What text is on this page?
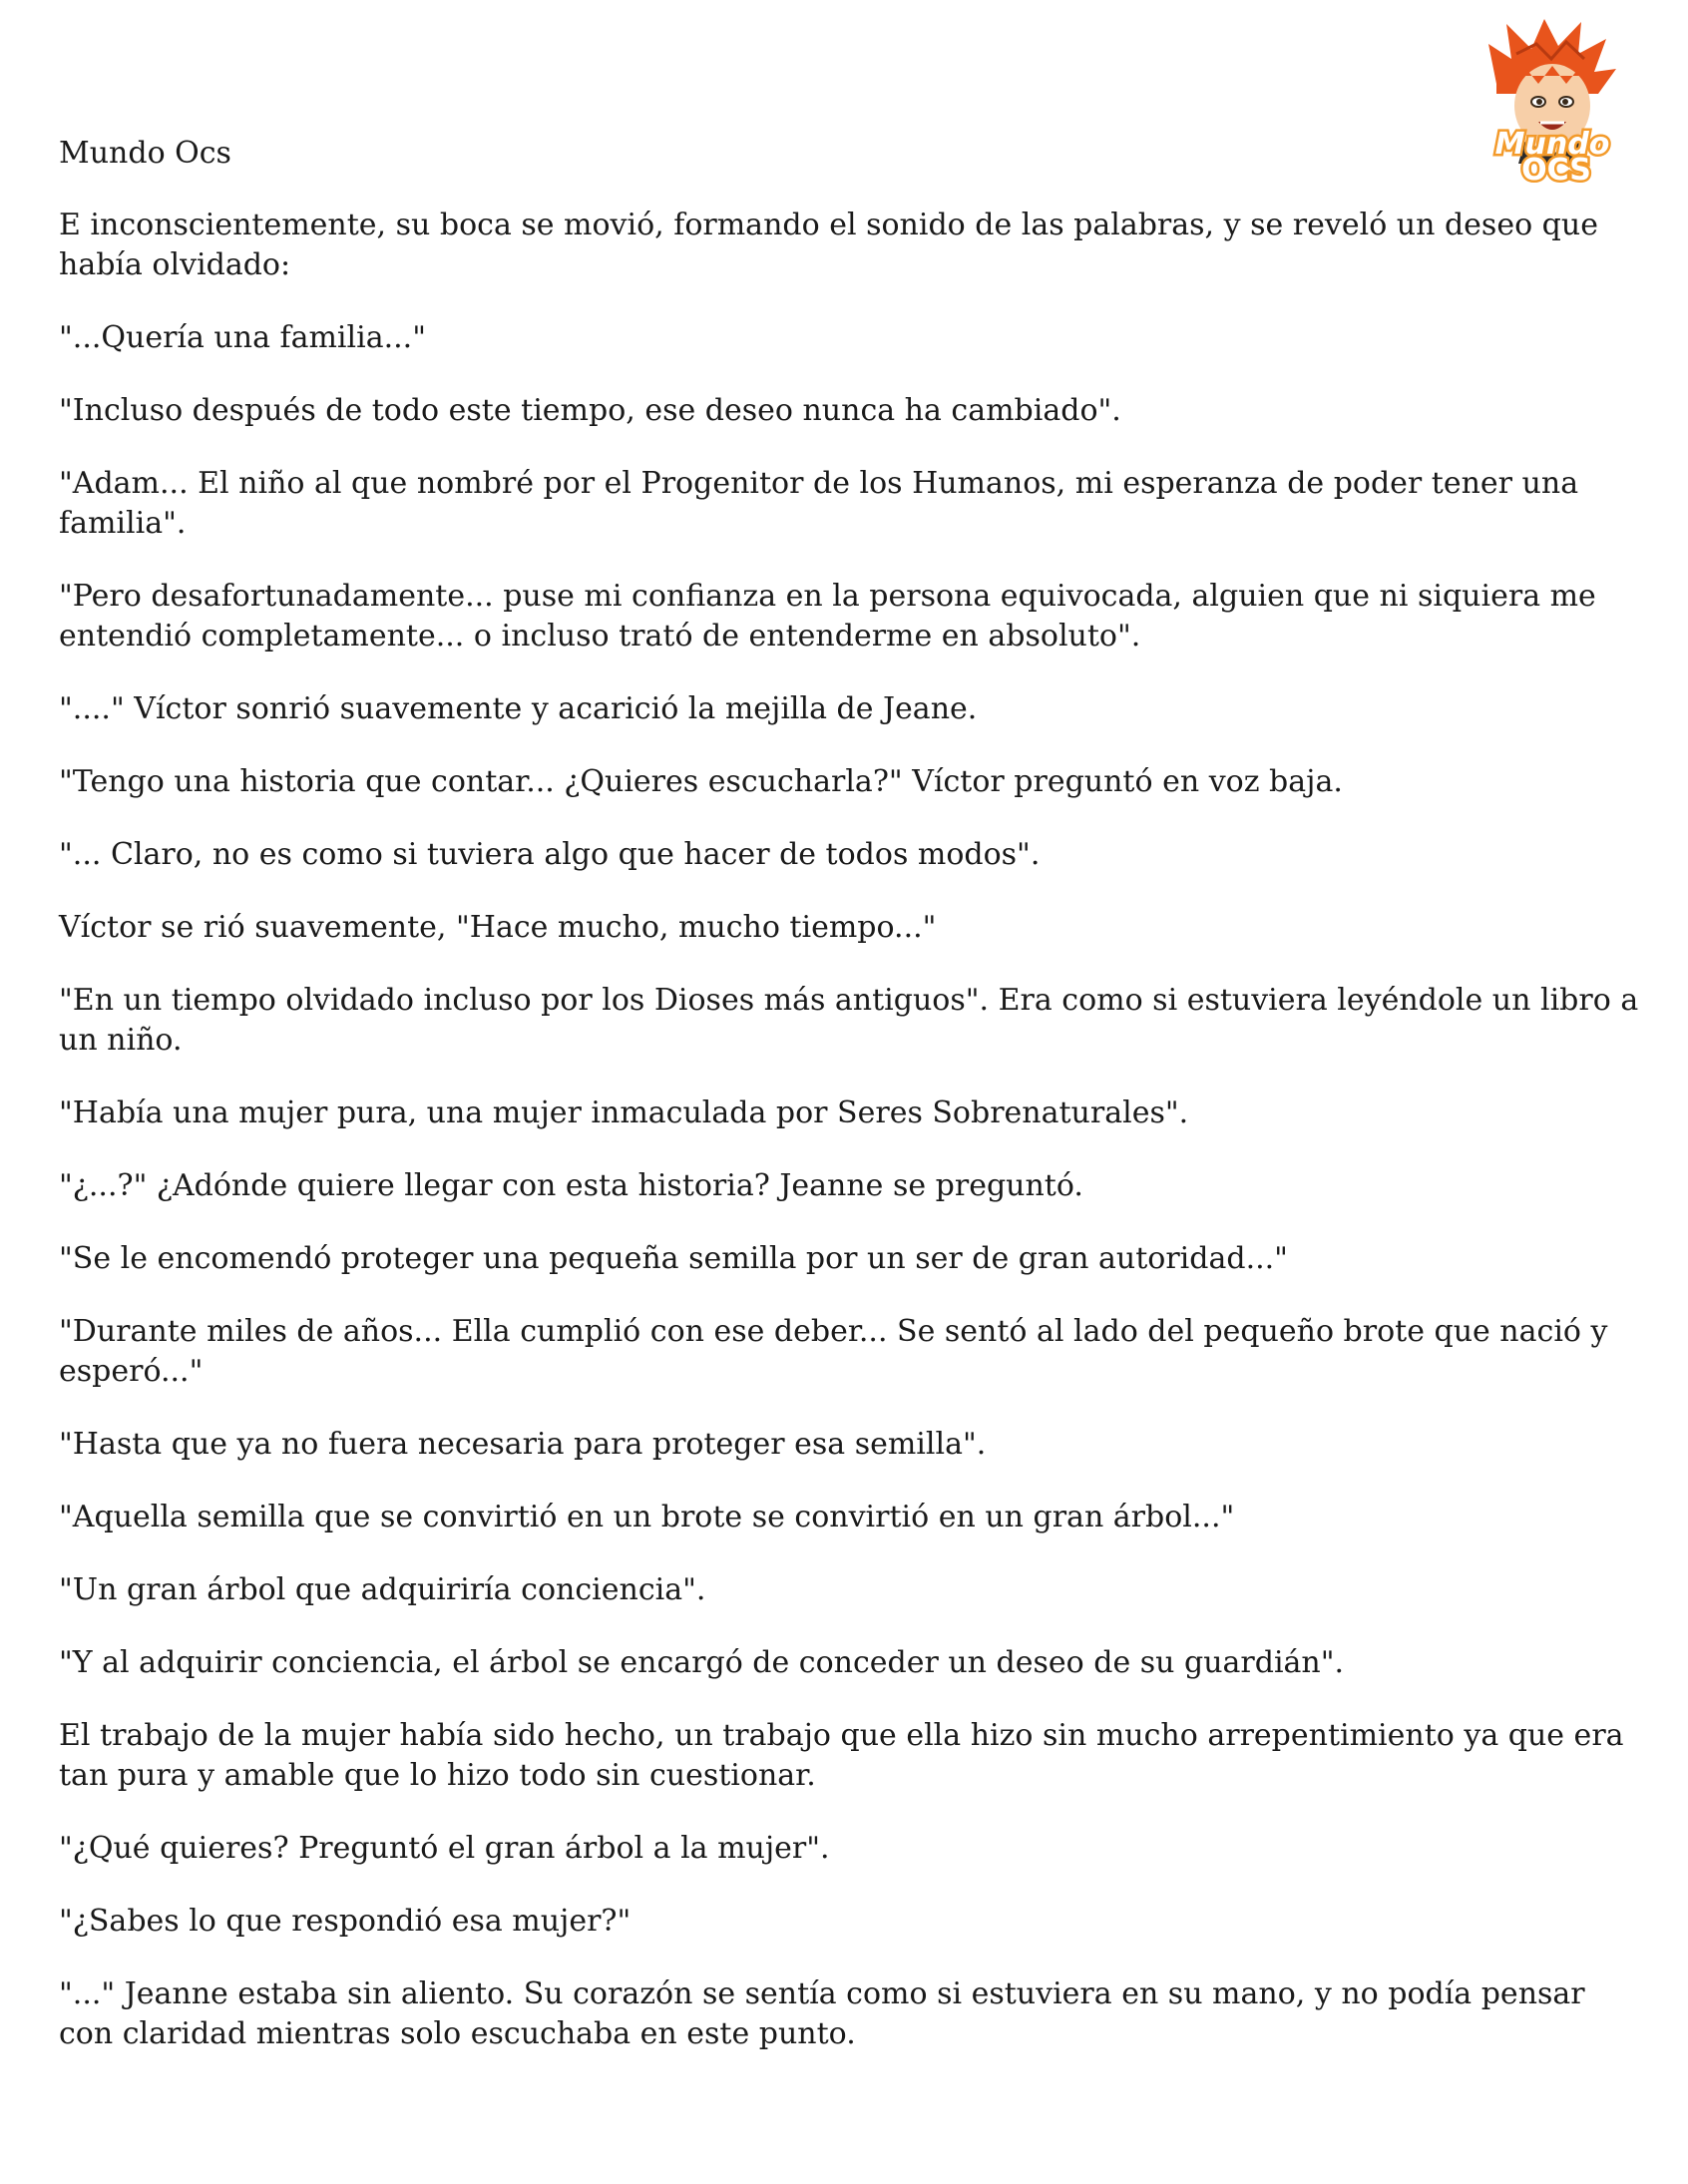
Mundo Ocs	Mundo
OCS

E inconscientemente, su boca se movió, formando el sonido de las palabras, y se reveló un deseo que había olvidado:

"...Quería una familia..."

"Incluso después de todo este tiempo, ese deseo nunca ha cambiado".

"Adam... El niño al que nombré por el Progenitor de los Humanos, mi esperanza de poder tener una familia".

"Pero desafortunadamente... puse mi confianza en la persona equivocada, alguien que ni siquiera me entendió completamente... o incluso trató de entenderme en absoluto".

"...." Víctor sonrió suavemente y acarició la mejilla de Jeane.

"Tengo una historia que contar... ¿Quieres escucharla?" Víctor preguntó en voz baja.

"... Claro, no es como si tuviera algo que hacer de todos modos".

Víctor se rió suavemente, "Hace mucho, mucho tiempo..."

"En un tiempo olvidado incluso por los Dioses más antiguos". Era como si estuviera leyéndole un libro a un niño.

"Había una mujer pura, una mujer inmaculada por Seres Sobrenaturales".

"¿...?" ¿Adónde quiere llegar con esta historia? Jeanne se preguntó.

"Se le encomendó proteger una pequeña semilla por un ser de gran autoridad..."

"Durante miles de años... Ella cumplió con ese deber... Se sentó al lado del pequeño brote que nació y esperó..."

"Hasta que ya no fuera necesaria para proteger esa semilla".

"Aquella semilla que se convirtió en un brote se convirtió en un gran árbol..."

"Un gran árbol que adquiriría conciencia".

"Y al adquirir conciencia, el árbol se encargó de conceder un deseo de su guardián".

El trabajo de la mujer había sido hecho, un trabajo que ella hizo sin mucho arrepentimiento ya que era tan pura y amable que lo hizo todo sin cuestionar.

"¿Qué quieres? Preguntó el gran árbol a la mujer".

"¿Sabes lo que respondió esa mujer?"

"..." Jeanne estaba sin aliento. Su corazón se sentía como si estuviera en su mano, y no podía pensar con claridad mientras solo escuchaba en este punto.
